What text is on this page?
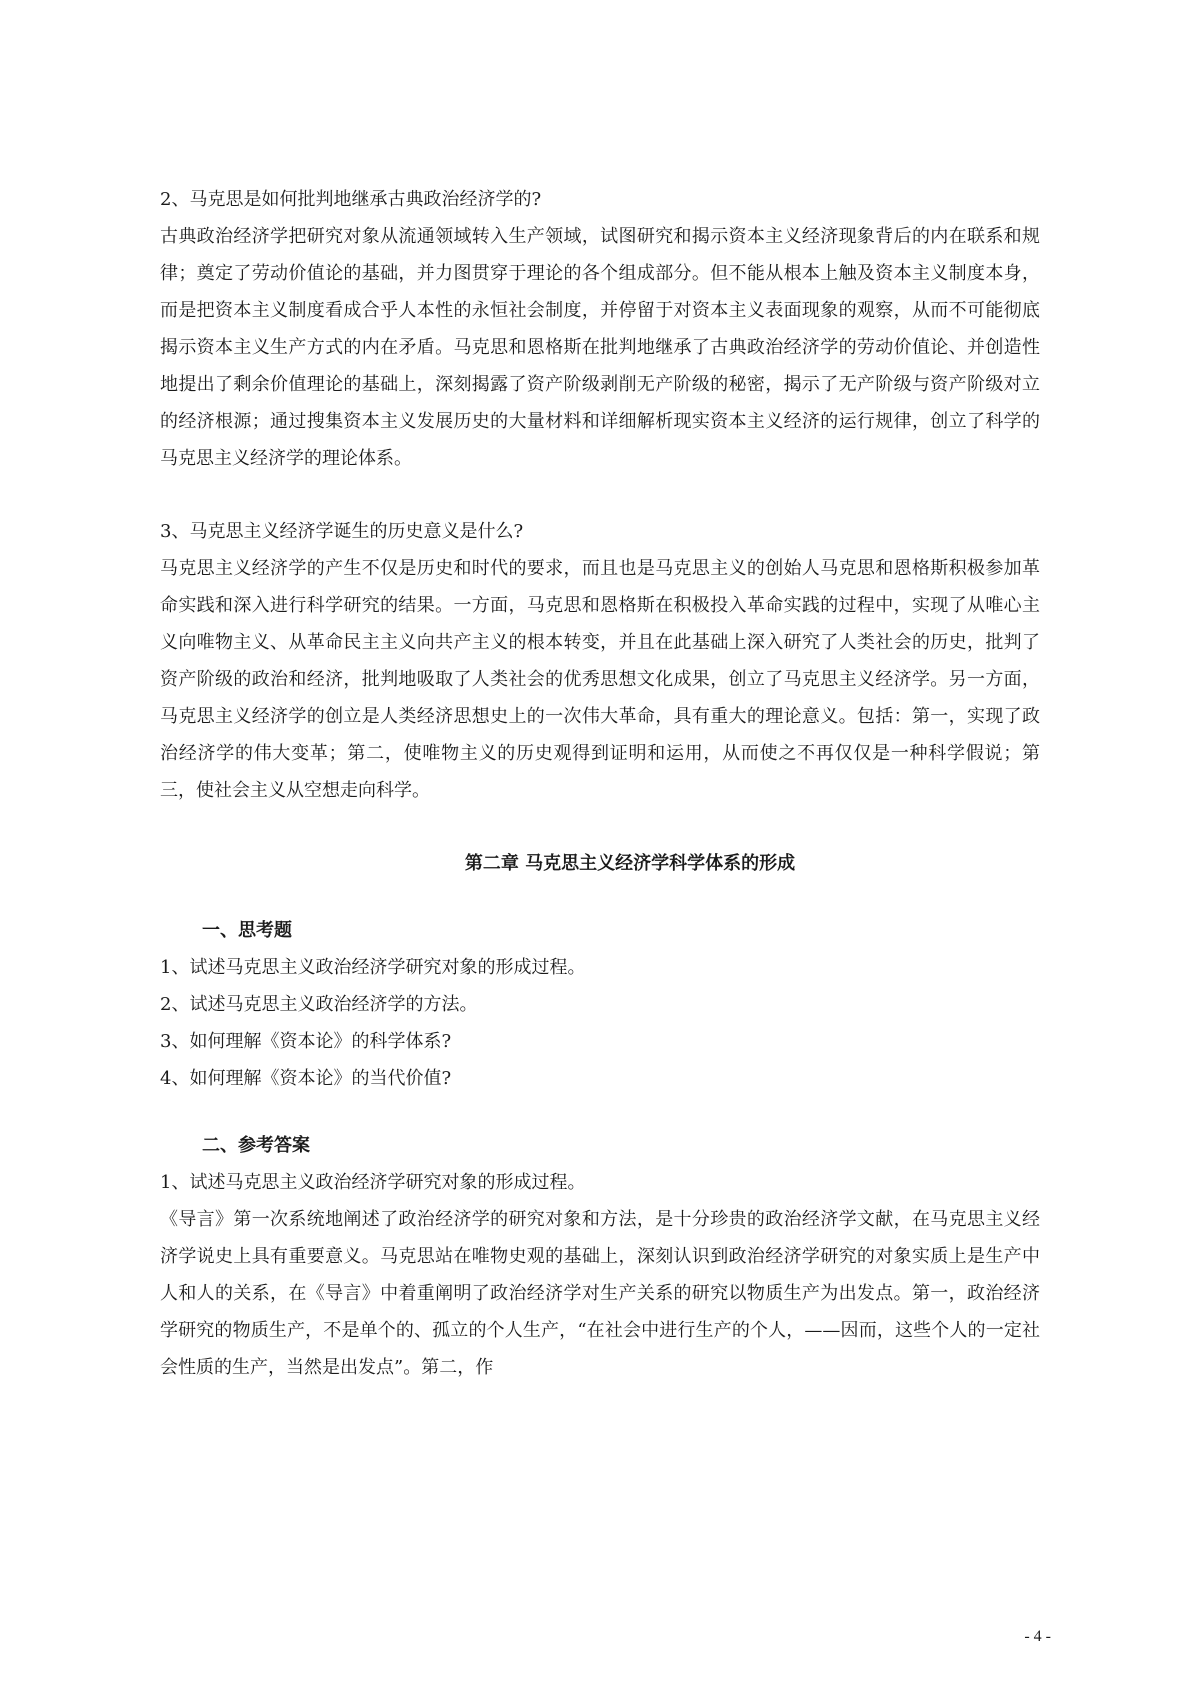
2、马克思是如何批判地继承古典政治经济学的?

古典政治经济学把研究对象从流通领域转入生产领域，试图研究和揭示资本主义经济现象背后的内在联系和规律；奠定了劳动价值论的基础，并力图贯穿于理论的各个组成部分。但不能从根本上触及资本主义制度本身，而是把资本主义制度看成合乎人本性的永恒社会制度，并停留于对资本主义表面现象的观察，从而不可能彻底揭示资本主义生产方式的内在矛盾。马克思和恩格斯在批判地继承了古典政治经济学的劳动价值论、并创造性地提出了剩余价值理论的基础上，深刻揭露了资产阶级剥削无产阶级的秘密，揭示了无产阶级与资产阶级对立的经济根源；通过搜集资本主义发展历史的大量材料和详细解析现实资本主义经济的运行规律，创立了科学的马克思主义经济学的理论体系。

3、马克思主义经济学诞生的历史意义是什么?

马克思主义经济学的产生不仅是历史和时代的要求，而且也是马克思主义的创始人马克思和恩格斯积极参加革命实践和深入进行科学研究的结果。一方面，马克思和恩格斯在积极投入革命实践的过程中，实现了从唯心主义向唯物主义、从革命民主主义向共产主义的根本转变，并且在此基础上深入研究了人类社会的历史，批判了资产阶级的政治和经济，批判地吸取了人类社会的优秀思想文化成果，创立了马克思主义经济学。另一方面，马克思主义经济学的创立是人类经济思想史上的一次伟大革命，具有重大的理论意义。包括：第一，实现了政治经济学的伟大变革；第二，使唯物主义的历史观得到证明和运用，从而使之不再仅仅是一种科学假说；第三，使社会主义从空想走向科学。

第二章 马克思主义经济学科学体系的形成

一、思考题

1、试述马克思主义政治经济学研究对象的形成过程。

2、试述马克思主义政治经济学的方法。

3、如何理解《资本论》的科学体系?

4、如何理解《资本论》的当代价值?

二、参考答案

1、试述马克思主义政治经济学研究对象的形成过程。

《导言》第一次系统地阐述了政治经济学的研究对象和方法，是十分珍贵的政治经济学文献，在马克思主义经济学说史上具有重要意义。马克思站在唯物史观的基础上，深刻认识到政治经济学研究的对象实质上是生产中人和人的关系，在《导言》中着重阐明了政治经济学对生产关系的研究以物质生产为出发点。第一，政治经济学研究的物质生产，不是单个的、孤立的个人生产，“在社会中进行生产的个人，——因而，这些个人的一定社会性质的生产，当然是出发点”。第二，作

- 4 -
